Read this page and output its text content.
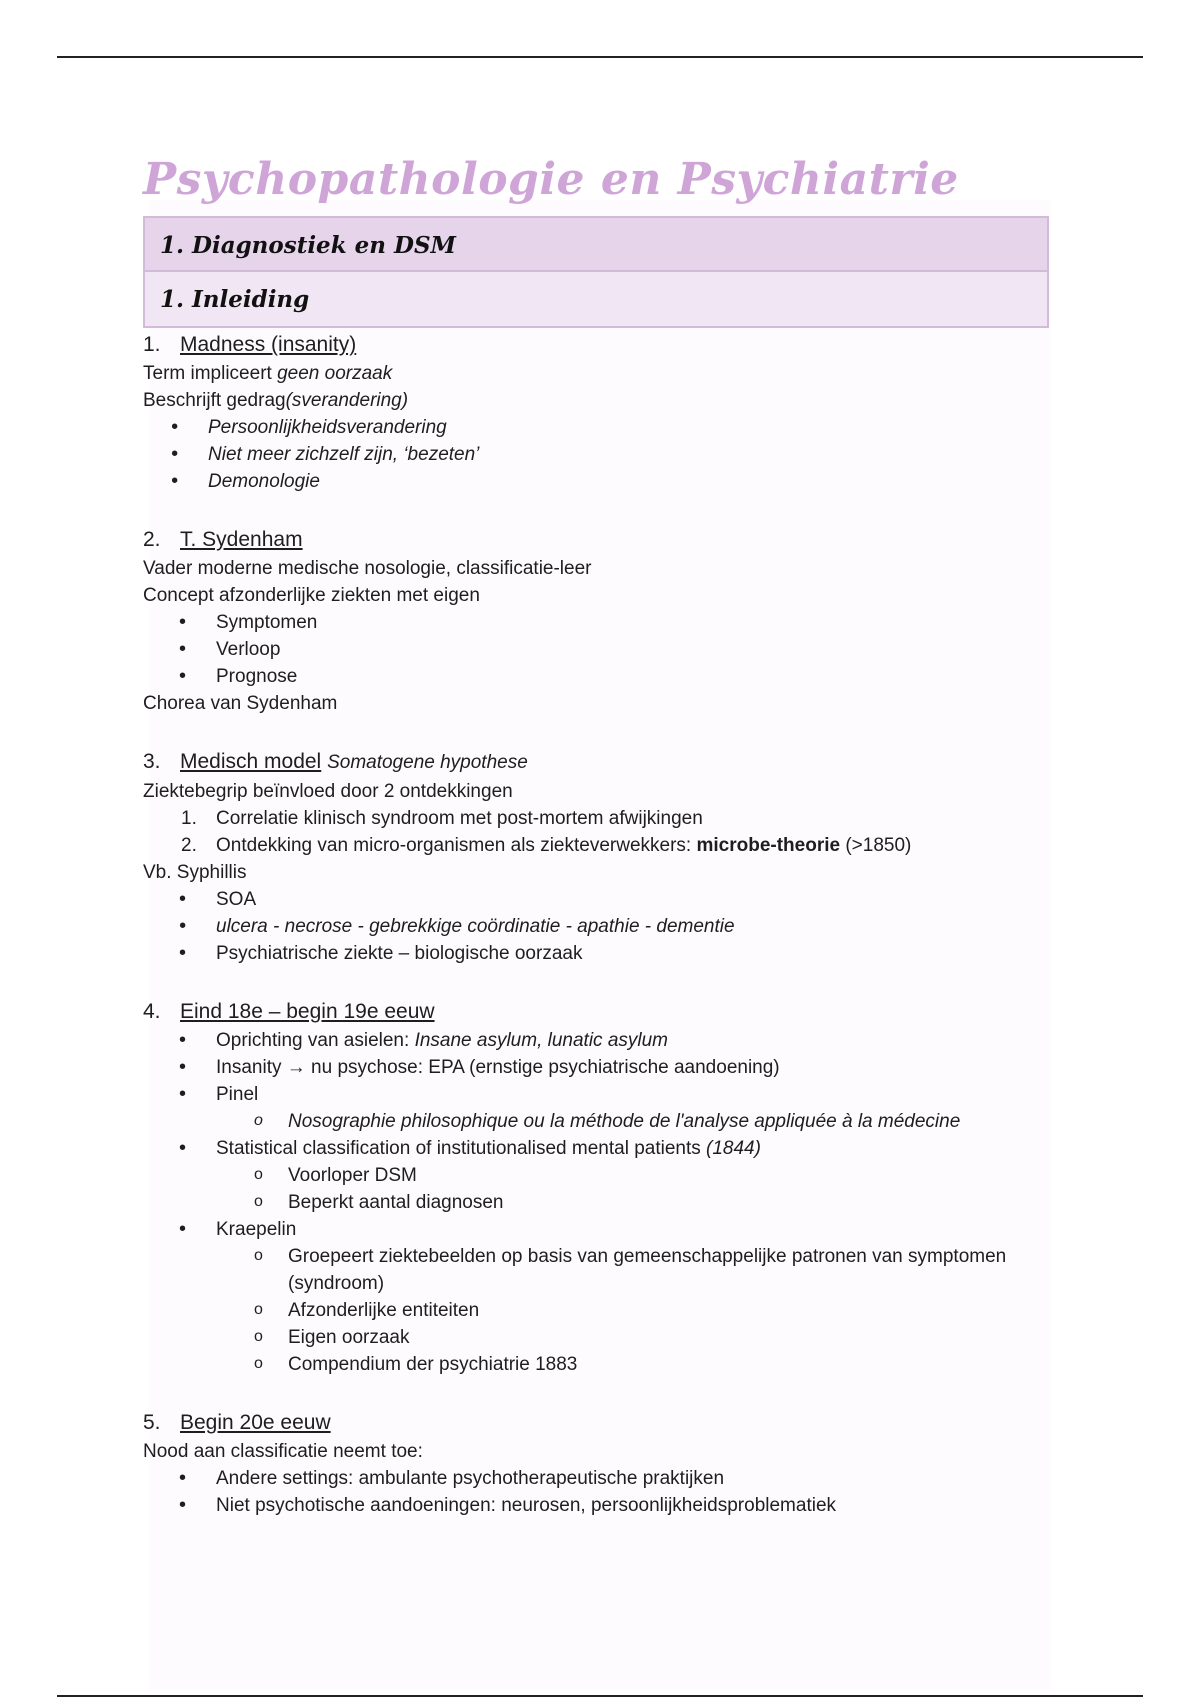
Psychopathologie en Psychiatrie
1. Diagnostiek en DSM
1. Inleiding
1. Madness (insanity)

Term impliceert geen oorzaak

Beschrijft gedrag(sverandering)

• Persoonlijkheidsverandering
• Niet meer zichzelf zijn, ‘bezeten’
• Demonologie
2. T. Sydenham

Vader moderne medische nosologie, classificatie-leer

Concept afzonderlijke ziekten met eigen

• Symptomen
• Verloop
• Prognose

Chorea van Sydenham

3. Medisch model Somatogene hypothese

Ziektebegrip beïnvloed door 2 ontdekkingen

1. Correlatie klinisch syndroom met post-mortem afwijkingen
2. Ontdekking van micro-organismen als ziekteverwekkers: microbe-theorie (>1850)

Vb. Syphillis

• SOA
• ulcera - necrose - gebrekkige coördinatie - apathie - dementie
• Psychiatrische ziekte – biologische oorzaak
4. Eind 18e – begin 19e eeuw
• Oprichting van asielen: Insane asylum, lunatic asylum
• Insanity → nu psychose: EPA (ernstige psychiatrische aandoening)
• Pinel
o Nosographie philosophique ou la méthode de l'analyse appliquée à la médecine
• Statistical classification of institutionalised mental patients (1844)
o Voorloper DSM
o Beperkt aantal diagnosen
• Kraepelin
o Groepeert ziektebeelden op basis van gemeenschappelijke patronen van symptomen (syndroom)
o Afzonderlijke entiteiten
o Eigen oorzaak
o Compendium der psychiatrie 1883
5. Begin 20e eeuw

Nood aan classificatie neemt toe:

• Andere settings: ambulante psychotherapeutische praktijken
• Niet psychotische aandoeningen: neurosen, persoonlijkheidsproblematiek
